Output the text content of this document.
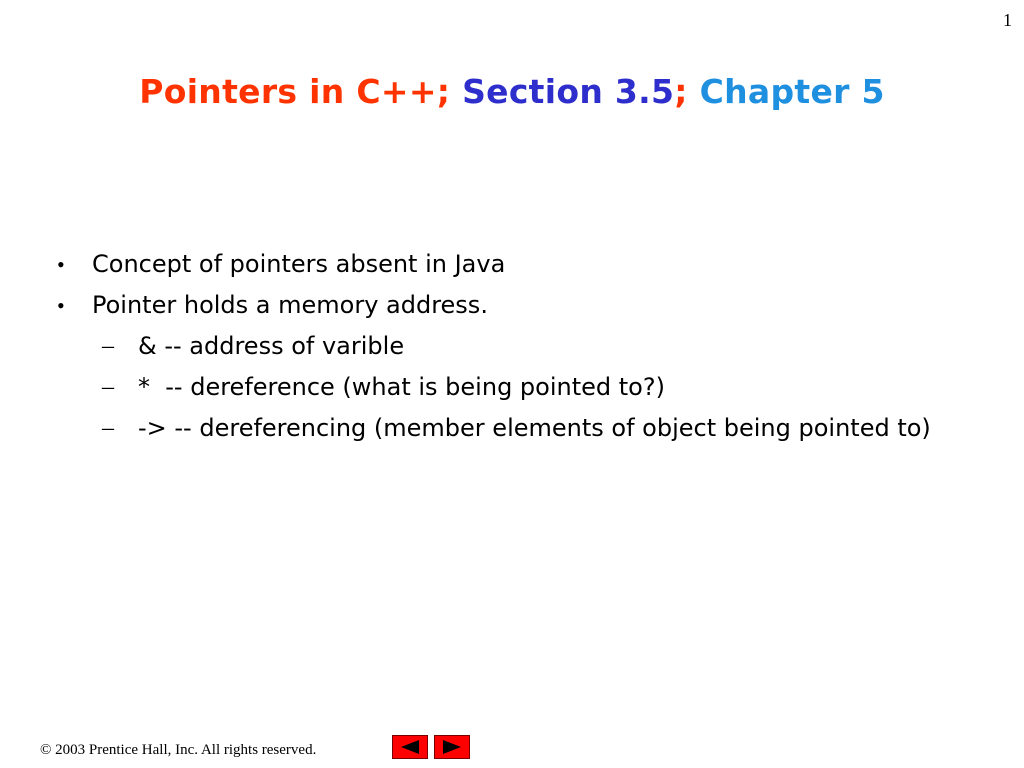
1
Pointers in C++; Section 3.5; Chapter 5
• Concept of pointers absent in Java
• Pointer holds a memory address.
– & -- address of varible
– *  -- dereference (what is being pointed to?)
– -> -- dereferencing (member elements of object being pointed to)
© 2003 Prentice Hall, Inc. All rights reserved.
